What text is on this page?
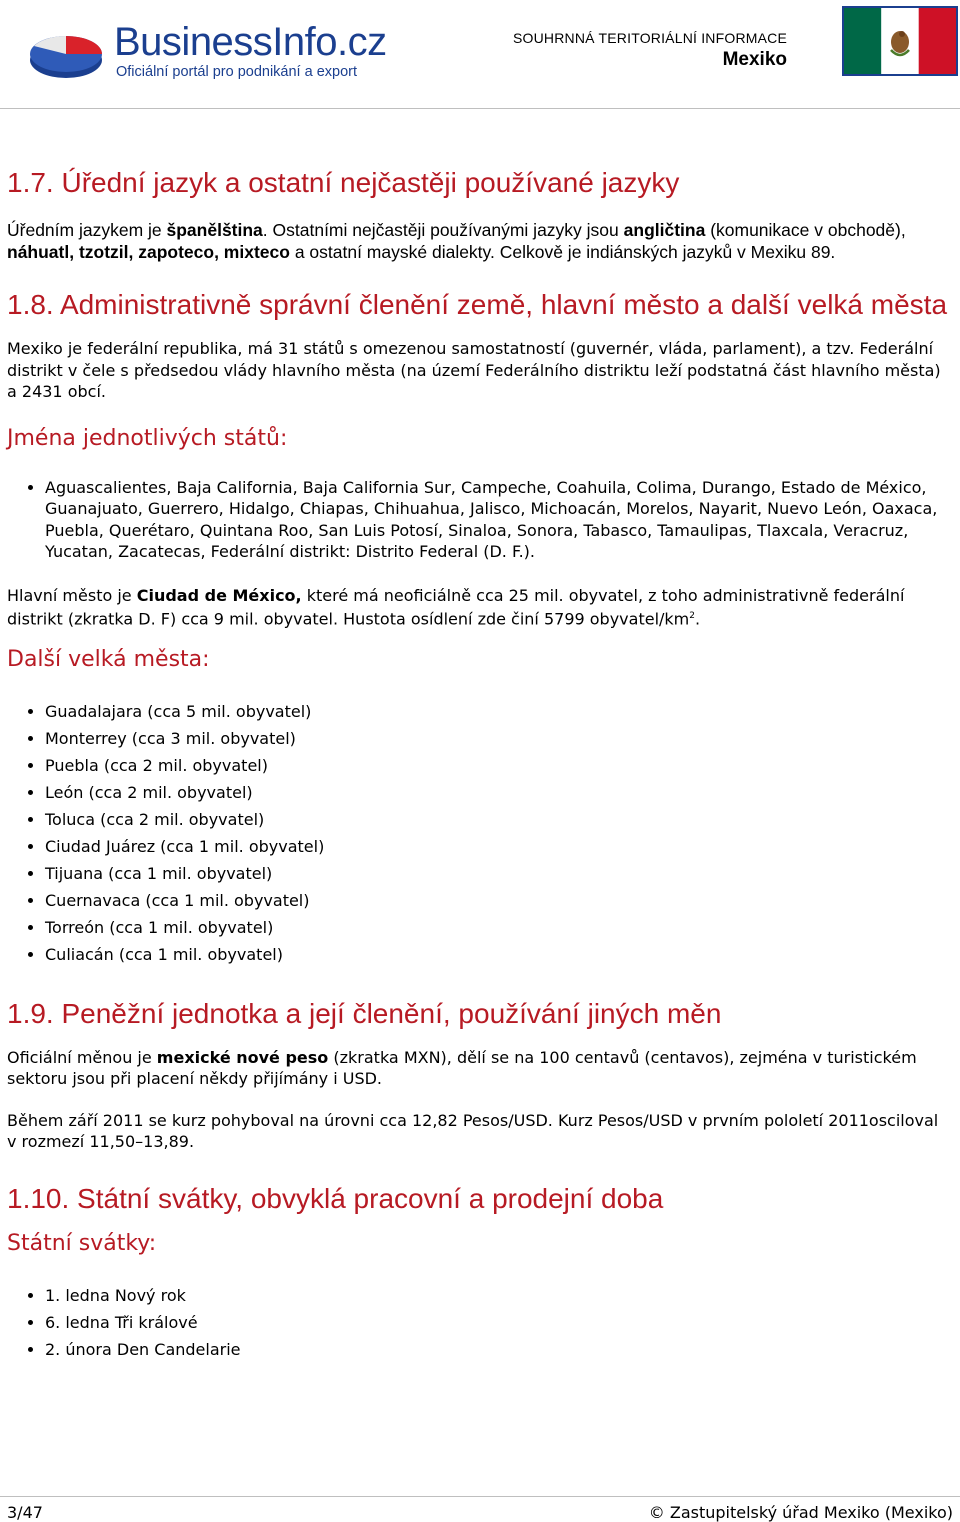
BusinessInfo.cz
Oficiální portál pro podnikání a export
SOUHRNNÁ TERITORIÁLNÍ INFORMACE
Mexiko
1.7. Úřední jazyk a ostatní nejčastěji používané jazyky

Úředním jazykem je španělština. Ostatními nejčastěji používanými jazyky jsou angličtina (komunikace v obchodě), náhuatl, tzotzil, zapoteco, mixteco a ostatní mayské dialekty. Celkově je indiánských jazyků v Mexiku 89.

1.8. Administrativně správní členění země, hlavní město a další velká města

Mexiko je federální republika, má 31 států s omezenou samostatností (guvernér, vláda, parlament), a tzv. Federální distrikt v čele s předsedou vlády hlavního města (na území Federálního distriktu leží podstatná část hlavního města) a 2431 obcí.

Jména jednotlivých států:
• Aguascalientes, Baja California, Baja California Sur, Campeche, Coahuila, Colima, Durango, Estado de México, Guanajuato, Guerrero, Hidalgo, Chiapas, Chihuahua, Jalisco, Michoacán, Morelos, Nayarit, Nuevo León, Oaxaca, Puebla, Querétaro, Quintana Roo, San Luis Potosí, Sinaloa, Sonora, Tabasco, Tamaulipas, Tlaxcala, Veracruz, Yucatan, Zacatecas, Federální distrikt: Distrito Federal (D. F.).

Hlavní město je Ciudad de México, které má neoficiálně cca 25 mil. obyvatel, z toho administrativně federální distrikt (zkratka D. F) cca 9 mil. obyvatel. Hustota osídlení zde činí 5799 obyvatel/$km^2$.

Další velká města:
• Guadalajara (cca 5 mil. obyvatel)
• Monterrey (cca 3 mil. obyvatel)
• Puebla (cca 2 mil. obyvatel)
• León (cca 2 mil. obyvatel)
• Toluca (cca 2 mil. obyvatel)
• Ciudad Juárez (cca 1 mil. obyvatel)
• Tijuana (cca 1 mil. obyvatel)
• Cuernavaca (cca 1 mil. obyvatel)
• Torreón (cca 1 mil. obyvatel)
• Culiacán (cca 1 mil. obyvatel)
1.9. Peněžní jednotka a její členění, používání jiných měn

Oficiální měnou je mexické nové peso (zkratka MXN), dělí se na 100 centavů (centavos), zejména v turistickém sektoru jsou při placení někdy přijímány i USD.

Během září 2011 se kurz pohyboval na úrovni cca 12,82 Pesos/USD. Kurz Pesos/USD v prvním pololetí 2011osciloval v rozmezí 11,50–13,89.

1.10. Státní svátky, obvyklá pracovní a prodejní doba
Státní svátky:
• 1. ledna Nový rok
• 6. ledna Tři králové
• 2. února Den Candelarie
3/47	© Zastupitelský úřad Mexiko (Mexiko)
